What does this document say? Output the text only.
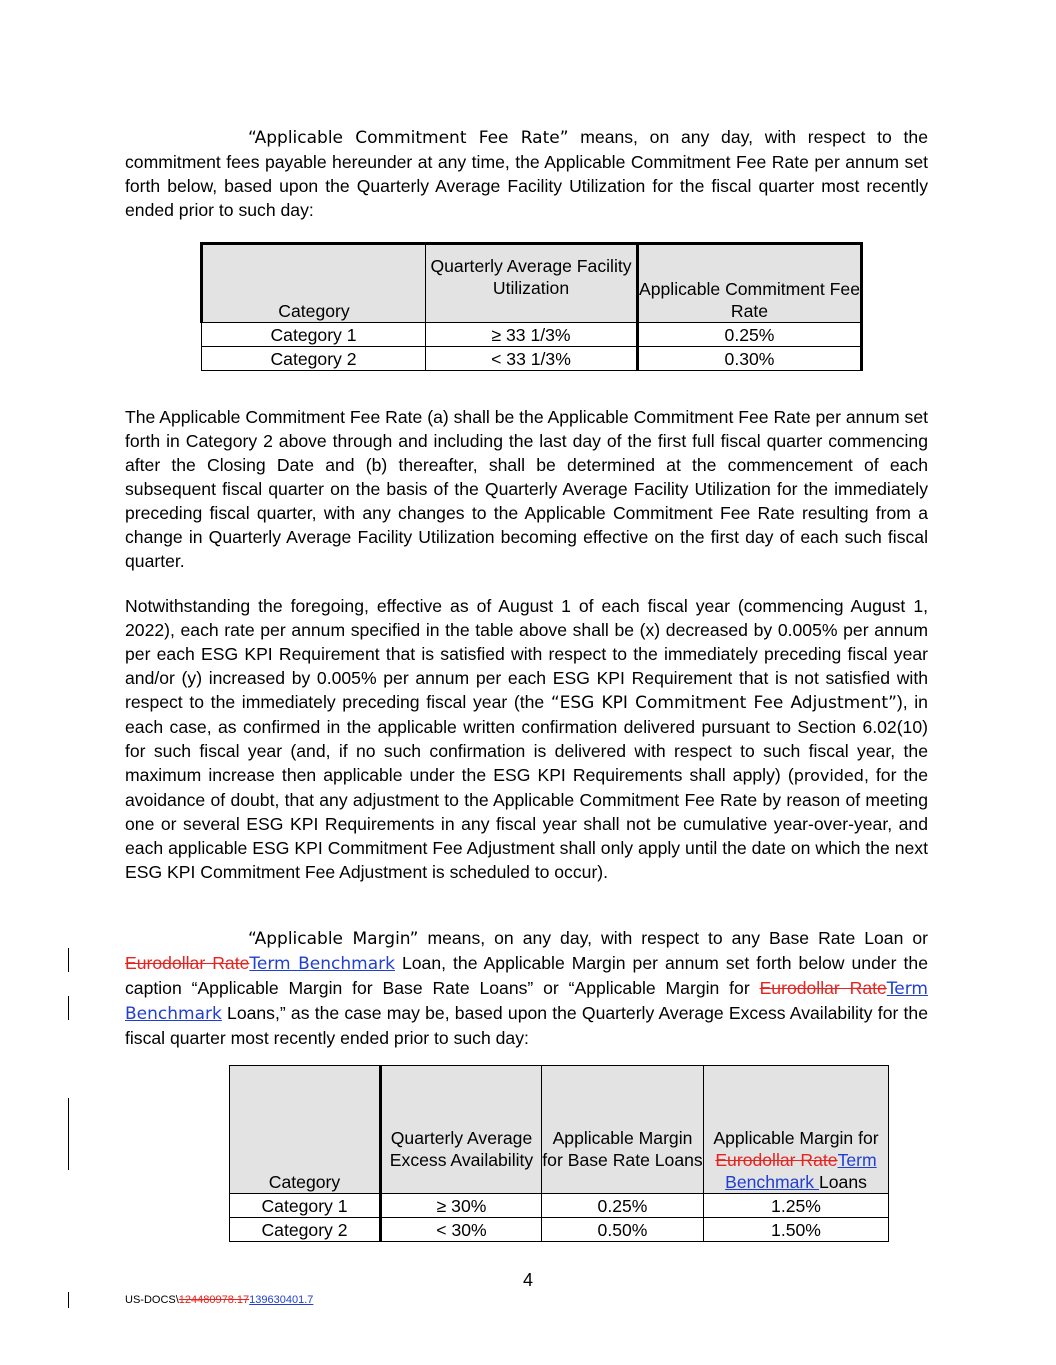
“Applicable Commitment Fee Rate” means, on any day, with respect to the commitment fees payable hereunder at any time, the Applicable Commitment Fee Rate per annum set forth below, based upon the Quarterly Average Facility Utilization for the fiscal quarter most recently ended prior to such day:

Category	Quarterly Average Facility Utilization	Applicable Commitment Fee Rate
Category 1	≥ 33 1/3%	0.25%
Category 2	< 33 1/3%	0.30%

The Applicable Commitment Fee Rate (a) shall be the Applicable Commitment Fee Rate per annum set forth in Category 2 above through and including the last day of the first full fiscal quarter commencing after the Closing Date and (b) thereafter, shall be determined at the commencement of each subsequent fiscal quarter on the basis of the Quarterly Average Facility Utilization for the immediately preceding fiscal quarter, with any changes to the Applicable Commitment Fee Rate resulting from a change in Quarterly Average Facility Utilization becoming effective on the first day of each such fiscal quarter.

Notwithstanding the foregoing, effective as of August 1 of each fiscal year (commencing August 1, 2022), each rate per annum specified in the table above shall be (x) decreased by 0.005% per annum per each ESG KPI Requirement that is satisfied with respect to the immediately preceding fiscal year and/or (y) increased by 0.005% per annum per each ESG KPI Requirement that is not satisfied with respect to the immediately preceding fiscal year (the “ESG KPI Commitment Fee Adjustment”), in each case, as confirmed in the applicable written confirmation delivered pursuant to Section 6.02(10) for such fiscal year (and, if no such confirmation is delivered with respect to such fiscal year, the maximum increase then applicable under the ESG KPI Requirements shall apply) (provided, for the avoidance of doubt, that any adjustment to the Applicable Commitment Fee Rate by reason of meeting one or several ESG KPI Requirements in any fiscal year shall not be cumulative year-over-year, and each applicable ESG KPI Commitment Fee Adjustment shall only apply until the date on which the next ESG KPI Commitment Fee Adjustment is scheduled to occur).

“Applicable Margin” means, on any day, with respect to any Base Rate Loan or Eurodollar RateTerm Benchmark Loan, the Applicable Margin per annum set forth below under the caption “Applicable Margin for Base Rate Loans” or “Applicable Margin for Eurodollar RateTerm Benchmark Loans,” as the case may be, based upon the Quarterly Average Excess Availability for the fiscal quarter most recently ended prior to such day:

Category	Quarterly Average Excess Availability	Applicable Margin for Base Rate Loans	Applicable Margin for Eurodollar RateTerm Benchmark Loans
Category 1	≥ 30%	0.25%	1.25%
Category 2	< 30%	0.50%	1.50%
4
US-DOCS\124480978.17139630401.7
